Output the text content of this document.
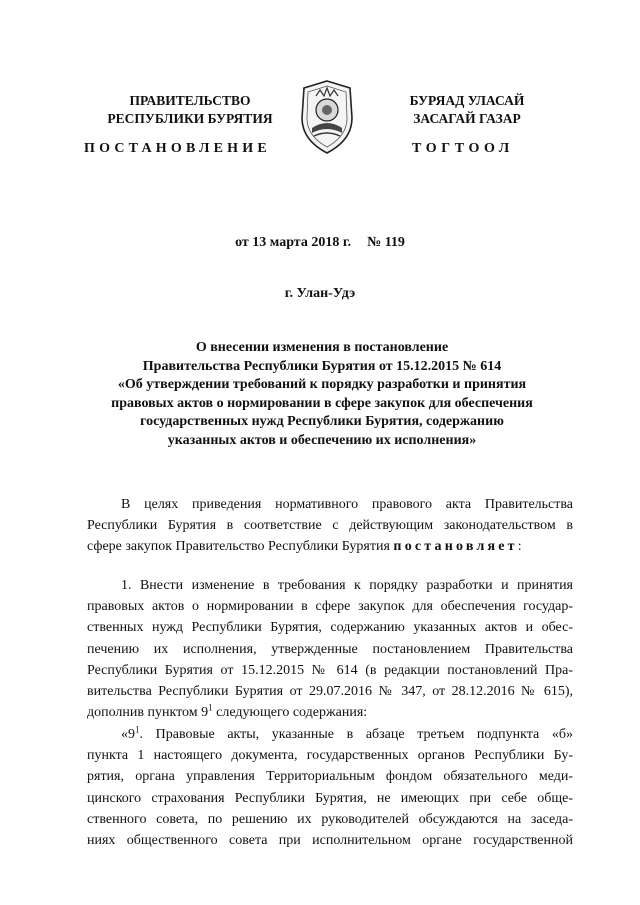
ПРАВИТЕЛЬСТВО
РЕСПУБЛИКИ БУРЯТИЯ
БУРЯАД УЛАСАЙ
ЗАСАГАЙ ГАЗАР
ПОСТАНОВЛЕНИЕ	ТОГТООЛ
от 13 марта 2018 г. № 119
г. Улан-Удэ
О внесении изменения в постановление
Правительства Республики Бурятия от 15.12.2015 № 614
«Об утверждении требований к порядку разработки и принятия
правовых актов о нормировании в сфере закупок для обеспечения
государственных нужд Республики Бурятия, содержанию
указанных актов и обеспечению их исполнения»
В целях приведения нормативного правового акта Правительства
Республики Бурятия в соответствие с действующим законодательством в
сфере закупок Правительство Республики Бурятия постановляет:
1. Внести изменение в требования к порядку разработки и принятия
правовых актов о нормировании в сфере закупок для обеспечения государ-
ственных нужд Республики Бурятия, содержанию указанных актов и обес-
печению их исполнения, утвержденные постановлением Правительства
Республики Бурятия от 15.12.2015 № 614 (в редакции постановлений Пра-
вительства Республики Бурятия от 29.07.2016 № 347, от 28.12.2016 № 615),
дополнив пунктом $9^1$ следующего содержания:
«$9^1$. Правовые акты, указанные в абзаце третьем подпункта «б»
пункта 1 настоящего документа, государственных органов Республики Бу-
рятия, органа управления Территориальным фондом обязательного меди-
цинского страхования Республики Бурятия, не имеющих при себе обще-
ственного совета, по решению их руководителей обсуждаются на заседа-
ниях общественного совета при исполнительном органе государственной
